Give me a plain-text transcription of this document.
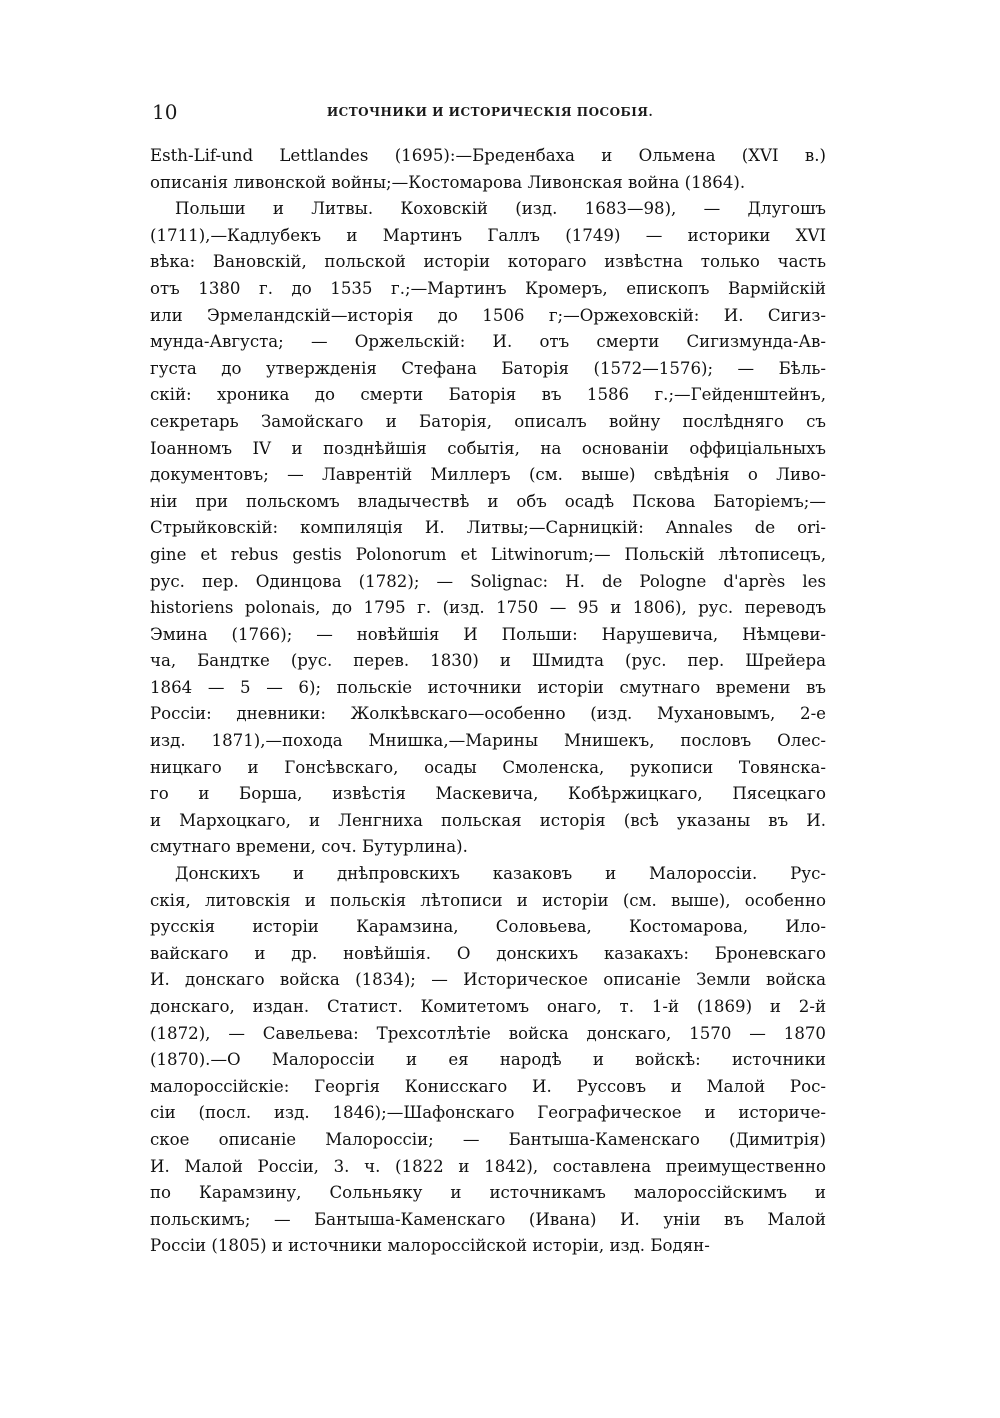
10	ИСТОЧНИКИ И ИСТОРИЧЕСКІЯ ПОСОБІЯ.
Esth-Lif-und Lettlandes (1695):—Бреденбаха и Ольмена (XVI в.)
описанія ливонской войны;—Костомарова Ливонская война (1864).
Польши и Литвы. Коховскій (изд. 1683—98), — Длугошъ
(1711),—Кадлубекъ и Мартинъ Галлъ (1749) — историки XVI
вѣка: Вановскій, польской исторіи котораго извѣстна только часть
отъ 1380 г. до 1535 г.;—Мартинъ Кромеръ, епископъ Вармійскій
или Эрмеландскій—исторія до 1506 г;—Оржеховскій: И. Сигиз-
мунда-Августа; — Оржельскій: И. отъ смерти Сигизмунда-Ав-
густа до утвержденія Стефана Баторія (1572—1576); — Бѣль-
скій: хроника до смерти Баторія въ 1586 г.;—Гейденштейнъ,
секретарь Замойскаго и Баторія, описалъ войну послѣдняго съ
Іоанномъ IV и позднѣйшія событія, на основаніи оффиціальныхъ
документовъ; — Лаврентій Миллеръ (см. выше) свѣдѣнія о Ливо-
ніи при польскомъ владычествѣ и объ осадѣ Пскова Баторіемъ;—
Стрыйковскій: компиляція И. Литвы;—Сарницкій: Annales de ori-
gine et rebus gestis Polonorum et Litwinorum;— Польскій лѣтописецъ,
рус. пер. Одинцова (1782); — Solignac: H. de Pologne d'après les
historiens polonais, до 1795 г. (изд. 1750 — 95 и 1806), рус. переводъ
Эмина (1766); — новѣйшія И Польши: Нарушевича, Нѣмцеви-
ча, Бандтке (рус. перев. 1830) и Шмидта (рус. пер. Шрейера
1864 — 5 — 6); польскіе источники исторіи смутнаго времени въ
Россіи: дневники: Жолкѣвскаго—особенно (изд. Мухановымъ, 2-е
изд. 1871),—похода Мнишка,—Марины Мнишекъ, пословъ Олес-
ницкаго и Гонсѣвскаго, осады Смоленска, рукописи Товянска-
го и Борша, извѣстія Маскевича, Кобѣржицкаго, Пясецкаго
и Мархоцкаго, и Ленгниха польская исторія (всѣ указаны въ И.
смутнаго времени, соч. Бутурлина).
Донскихъ и днѣпровскихъ казаковъ и Малороссіи. Рус-
скія, литовскія и польскія лѣтописи и исторіи (см. выше), особенно
русскія исторіи Карамзина, Соловьева, Костомарова, Ило-
вайскаго и др. новѣйшія. О донскихъ казакахъ: Броневскаго
И. донскаго войска (1834); — Историческое описаніе Земли войска
донскаго, издан. Статист. Комитетомъ онаго, т. 1-й (1869) и 2-й
(1872), — Савельева: Трехсотлѣтіе войска донскаго, 1570 — 1870
(1870).—О Малороссіи и ея народѣ и войскѣ: источники
малороссійскіе: Георгія Конисскаго И. Руссовъ и Малой Рос-
сіи (посл. изд. 1846);—Шафонскаго Географическое и историче-
ское описаніе Малороссіи; — Бантыша-Каменскаго (Димитрія)
И. Малой Россіи, 3. ч. (1822 и 1842), составлена преимущественно
по Карамзину, Сольньяку и источникамъ малороссійскимъ и
польскимъ; — Бантыша-Каменскаго (Ивана) И. уніи въ Малой
Россіи (1805) и источники малороссійской исторіи, изд. Бодян-
